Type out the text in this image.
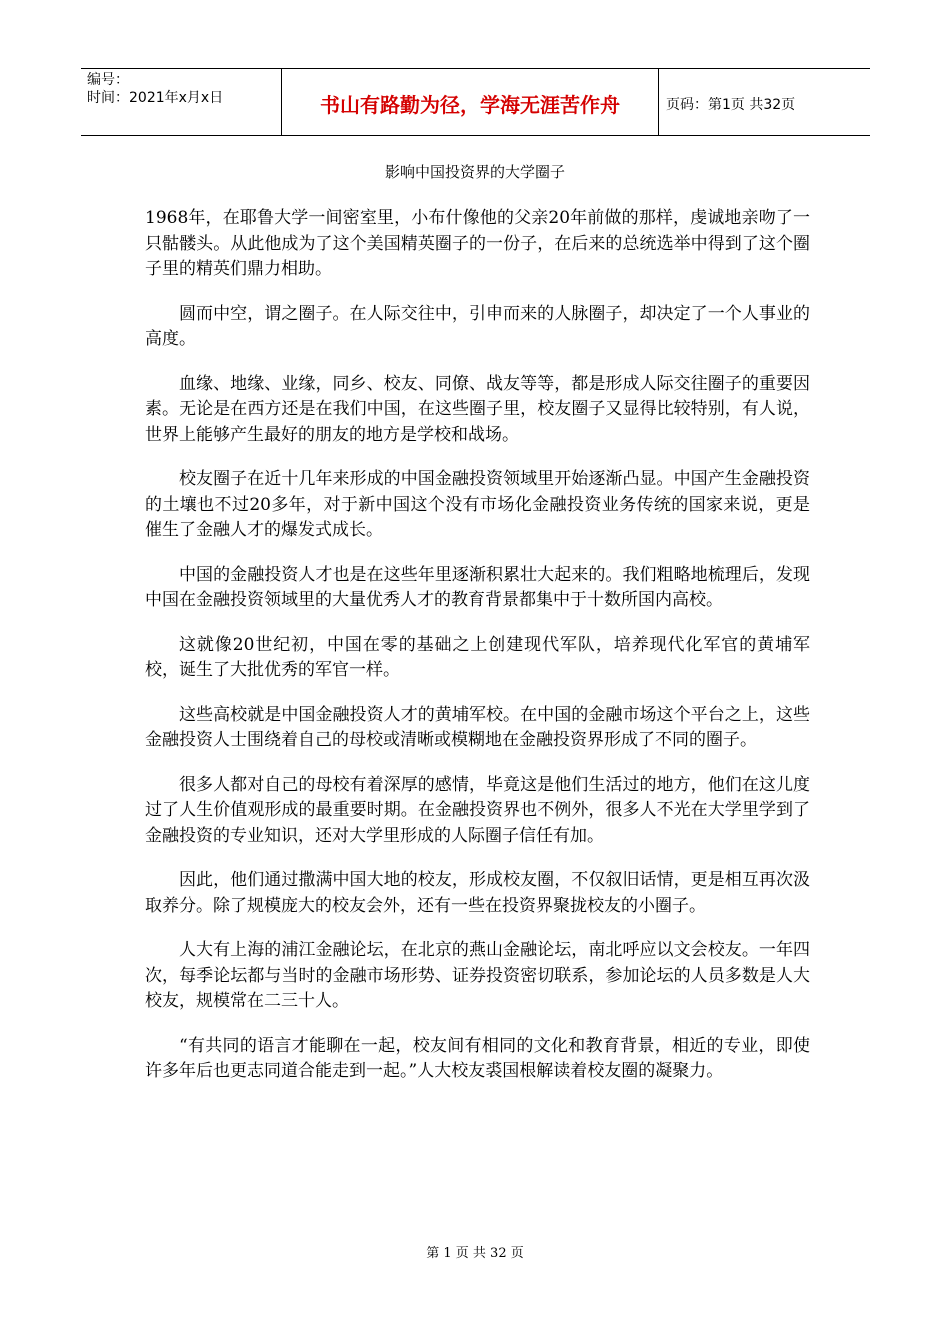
编号：
时间：2021年x月x日	书山有路勤为径，学海无涯苦作舟	页码：第1页 共32页
影响中国投资界的大学圈子

1968年，在耶鲁大学一间密室里，小布什像他的父亲20年前做的那样，虔诚地亲吻了一只骷髅头。从此他成为了这个美国精英圈子的一份子，在后来的总统选举中得到了这个圈子里的精英们鼎力相助。

圆而中空，谓之圈子。在人际交往中，引申而来的人脉圈子，却决定了一个人事业的高度。

血缘、地缘、业缘，同乡、校友、同僚、战友等等，都是形成人际交往圈子的重要因素。无论是在西方还是在我们中国，在这些圈子里，校友圈子又显得比较特别，有人说，世界上能够产生最好的朋友的地方是学校和战场。

校友圈子在近十几年来形成的中国金融投资领域里开始逐渐凸显。中国产生金融投资的土壤也不过20多年，对于新中国这个没有市场化金融投资业务传统的国家来说，更是催生了金融人才的爆发式成长。

中国的金融投资人才也是在这些年里逐渐积累壮大起来的。我们粗略地梳理后，发现中国在金融投资领域里的大量优秀人才的教育背景都集中于十数所国内高校。

这就像20世纪初，中国在零的基础之上创建现代军队，培养现代化军官的黄埔军校，诞生了大批优秀的军官一样。

这些高校就是中国金融投资人才的黄埔军校。在中国的金融市场这个平台之上，这些金融投资人士围绕着自己的母校或清晰或模糊地在金融投资界形成了不同的圈子。

很多人都对自己的母校有着深厚的感情，毕竟这是他们生活过的地方，他们在这儿度过了人生价值观形成的最重要时期。在金融投资界也不例外，很多人不光在大学里学到了金融投资的专业知识，还对大学里形成的人际圈子信任有加。

因此，他们通过撒满中国大地的校友，形成校友圈，不仅叙旧话情，更是相互再次汲取养分。除了规模庞大的校友会外，还有一些在投资界聚拢校友的小圈子。

人大有上海的浦江金融论坛，在北京的燕山金融论坛，南北呼应以文会校友。一年四次，每季论坛都与当时的金融市场形势、证券投资密切联系，参加论坛的人员多数是人大校友，规模常在二三十人。

“有共同的语言才能聊在一起，校友间有相同的文化和教育背景，相近的专业，即使许多年后也更志同道合能走到一起。”人大校友裘国根解读着校友圈的凝聚力。

第 1 页 共 32 页
